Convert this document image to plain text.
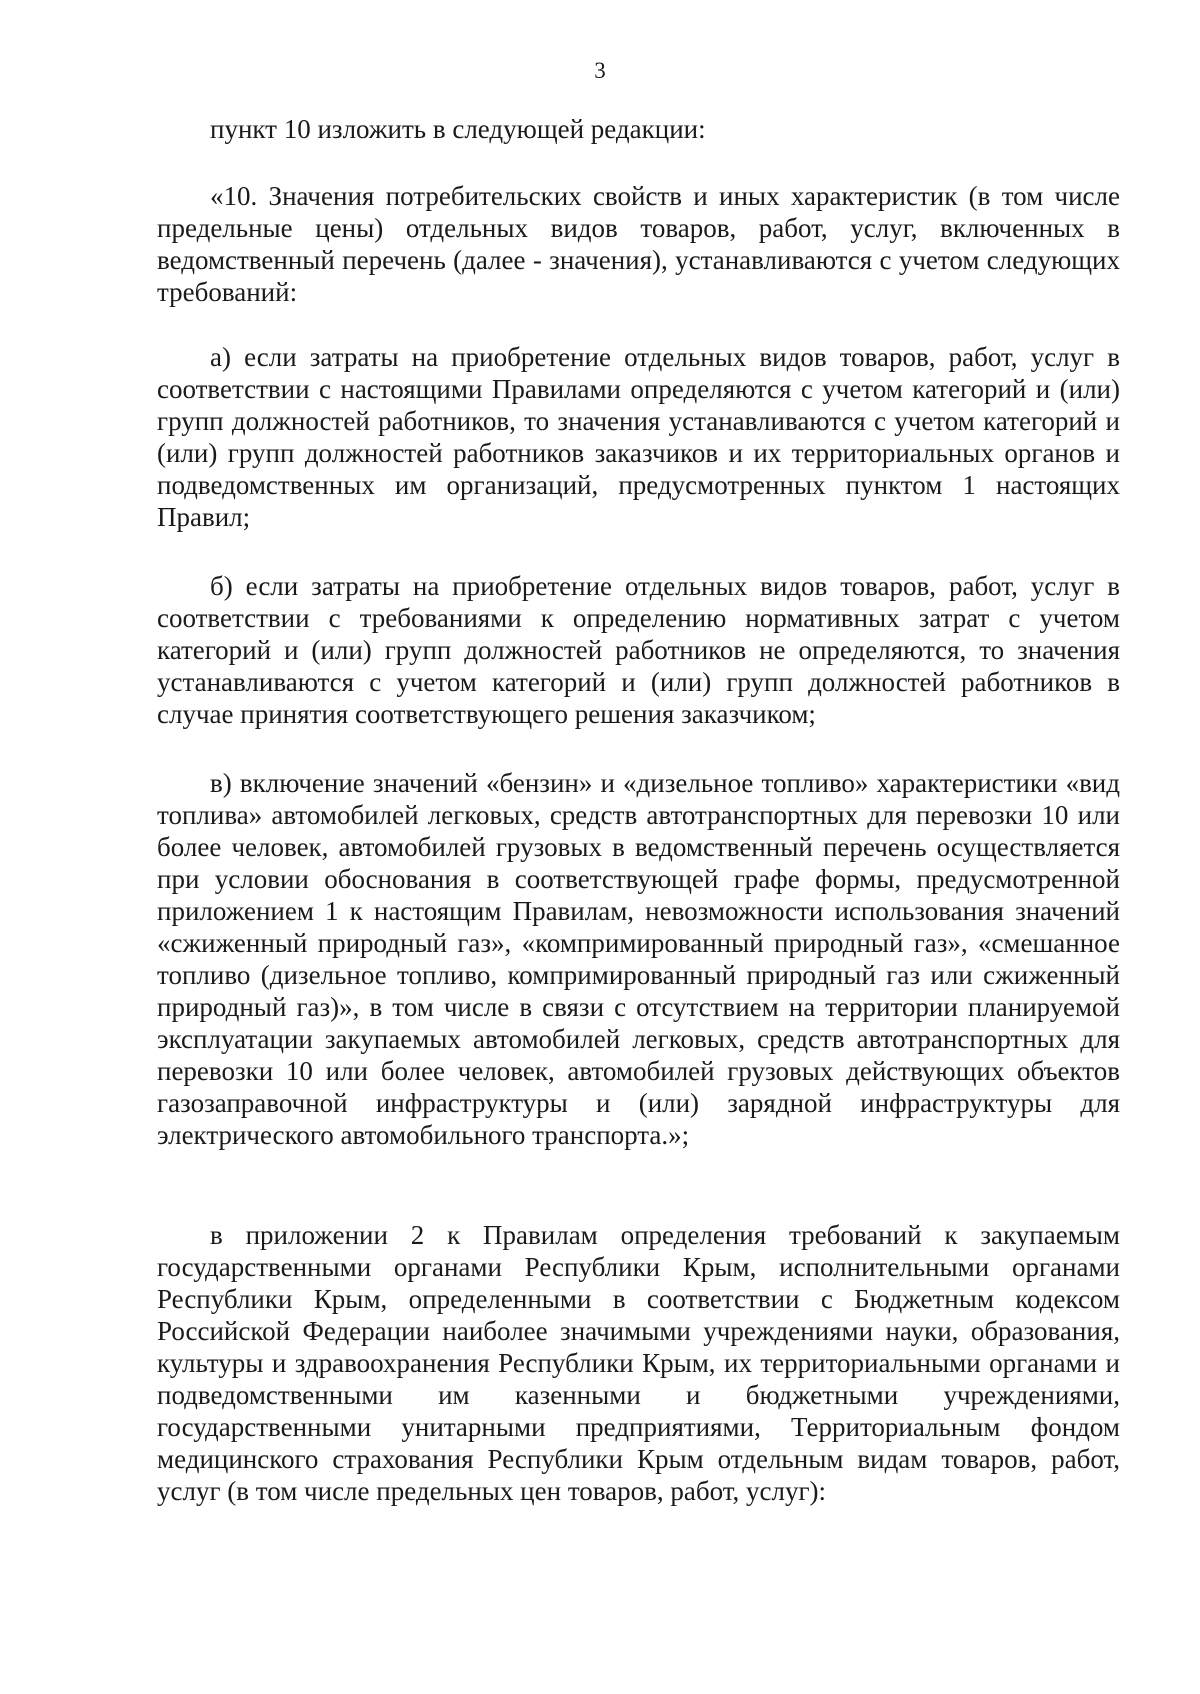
3

пункт 10 изложить в следующей редакции:

«10. Значения потребительских свойств и иных характеристик (в том числе предельные цены) отдельных видов товаров, работ, услуг, включенных в ведомственный перечень (далее - значения), устанавливаются с учетом следующих требований:

а) если затраты на приобретение отдельных видов товаров, работ, услуг в соответствии с настоящими Правилами определяются с учетом категорий и (или) групп должностей работников, то значения устанавливаются с учетом категорий и (или) групп должностей работников заказчиков и их территориальных органов и подведомственных им организаций, предусмотренных пунктом 1 настоящих Правил;

б) если затраты на приобретение отдельных видов товаров, работ, услуг в соответствии с требованиями к определению нормативных затрат с учетом категорий и (или) групп должностей работников не определяются, то значения устанавливаются с учетом категорий и (или) групп должностей работников в случае принятия соответствующего решения заказчиком;

в) включение значений «бензин» и «дизельное топливо» характеристики «вид топлива» автомобилей легковых, средств автотранспортных для перевозки 10 или более человек, автомобилей грузовых в ведомственный перечень осуществляется при условии обоснования в соответствующей графе формы, предусмотренной приложением 1 к настоящим Правилам, невозможности использования значений «сжиженный природный газ», «компримированный природный газ», «смешанное топливо (дизельное топливо, компримированный природный газ или сжиженный природный газ)», в том числе в связи с отсутствием на территории планируемой эксплуатации закупаемых автомобилей легковых, средств автотранспортных для перевозки 10 или более человек, автомобилей грузовых действующих объектов газозаправочной инфраструктуры и (или) зарядной инфраструктуры для электрического автомобильного транспорта.»;

в приложении 2 к Правилам определения требований к закупаемым государственными органами Республики Крым, исполнительными органами Республики Крым, определенными в соответствии с Бюджетным кодексом Российской Федерации наиболее значимыми учреждениями науки, образования, культуры и здравоохранения Республики Крым, их территориальными органами и подведомственными им казенными и бюджетными учреждениями, государственными унитарными предприятиями, Территориальным фондом медицинского страхования Республики Крым отдельным видам товаров, работ, услуг (в том числе предельных цен товаров, работ, услуг):
